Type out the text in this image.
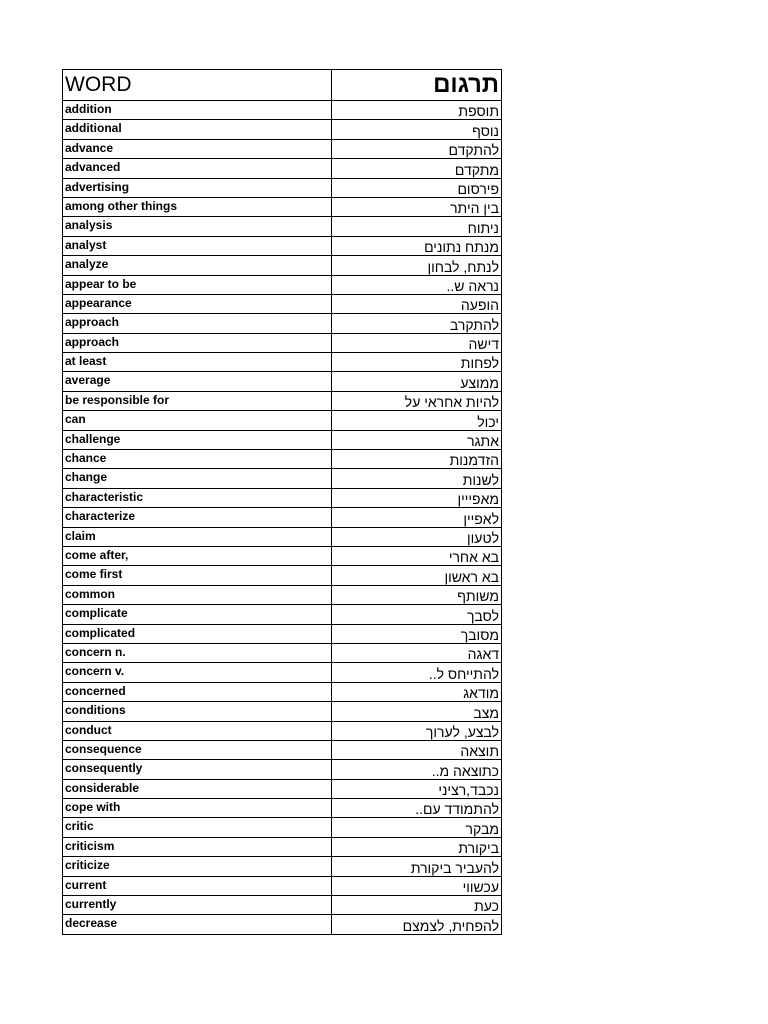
WORD	תרגום
addition	תוספת
additional	נוסף
advance	להתקדם
advanced	מתקדם
advertising	פירסום
among other things	בין היתר
analysis	ניתוח
analyst	מנתח נתונים
analyze	לנתח, לבחון
appear to be	נראה ש..
appearance	הופעה
approach	להתקרב
approach	דישה
at least	לפחות
average	ממוצע
be responsible for	להיות אחראי על
can	יכול
challenge	אתגר
chance	הזדמנות
change	לשנות
characteristic	מאפייין
characterize	לאפיין
claim	לטעון
come after,	בא אחרי
come first	בא ראשון
common	משותף
complicate	לסבך
complicated	מסובך
concern n.	דאגה
concern v.	להתייחס ל..
concerned	מודאג
conditions	מצב
conduct	לבצע, לערוך
consequence	תוצאה
consequently	כתוצאה מ..
considerable	נכבד,רציני
cope with	להתמודד עם..
critic	מבקר
criticism	ביקורת
criticize	להעביר ביקורת
current	עכשווי
currently	כעת
decrease	להפחית, לצמצם
